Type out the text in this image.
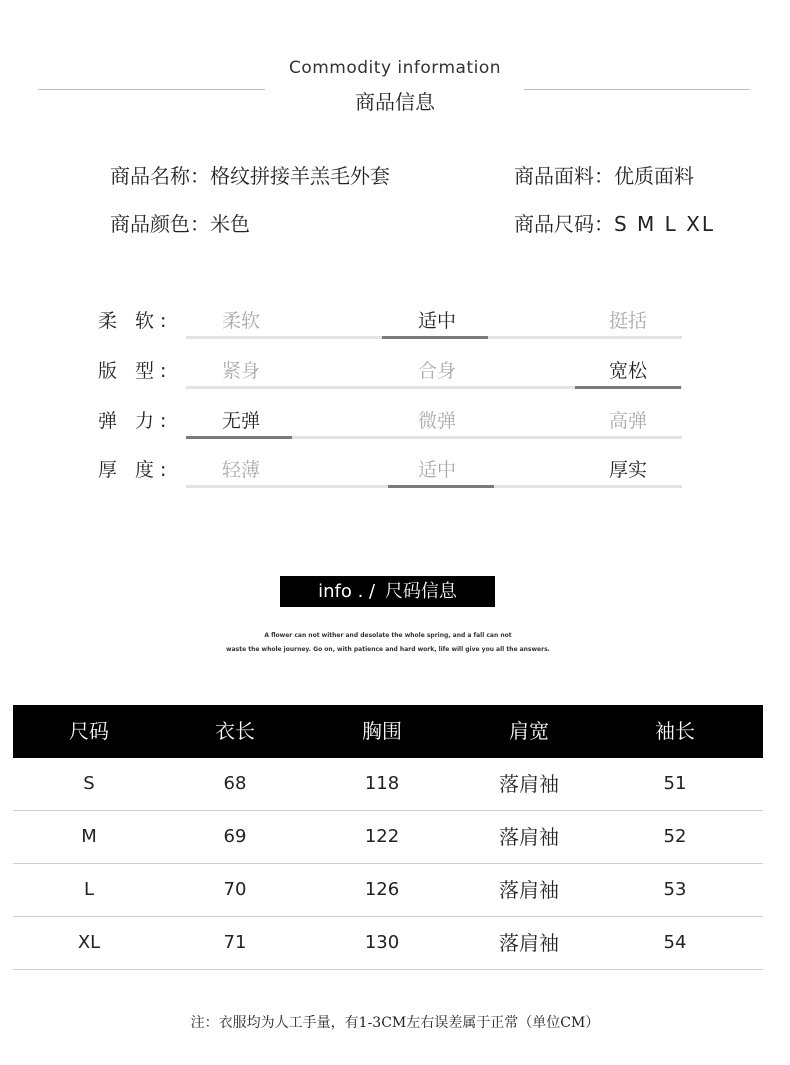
Commodity information
商品信息
商品名称：格纹拼接羊羔毛外套	商品面料：优质面料
商品颜色：米色	商品尺码：S M L XL
柔 软 :	柔软	适中	挺括
版 型 :	紧身	合身	宽松
弹 力 :	无弹	微弹	高弹
厚 度 :	轻薄	适中	厚实
info . / 尺码信息
A flower can not wither and desolate the whole spring, and a fall can not
waste the whole journey. Go on, with patience and hard work, life will give you all the answers.
尺码	衣长	胸围	肩宽	袖长
S	68	118	落肩袖	51
M	69	122	落肩袖	52
L	70	126	落肩袖	53
XL	71	130	落肩袖	54
注：衣服均为人工手量，有1-3CM左右误差属于正常（单位CM）
